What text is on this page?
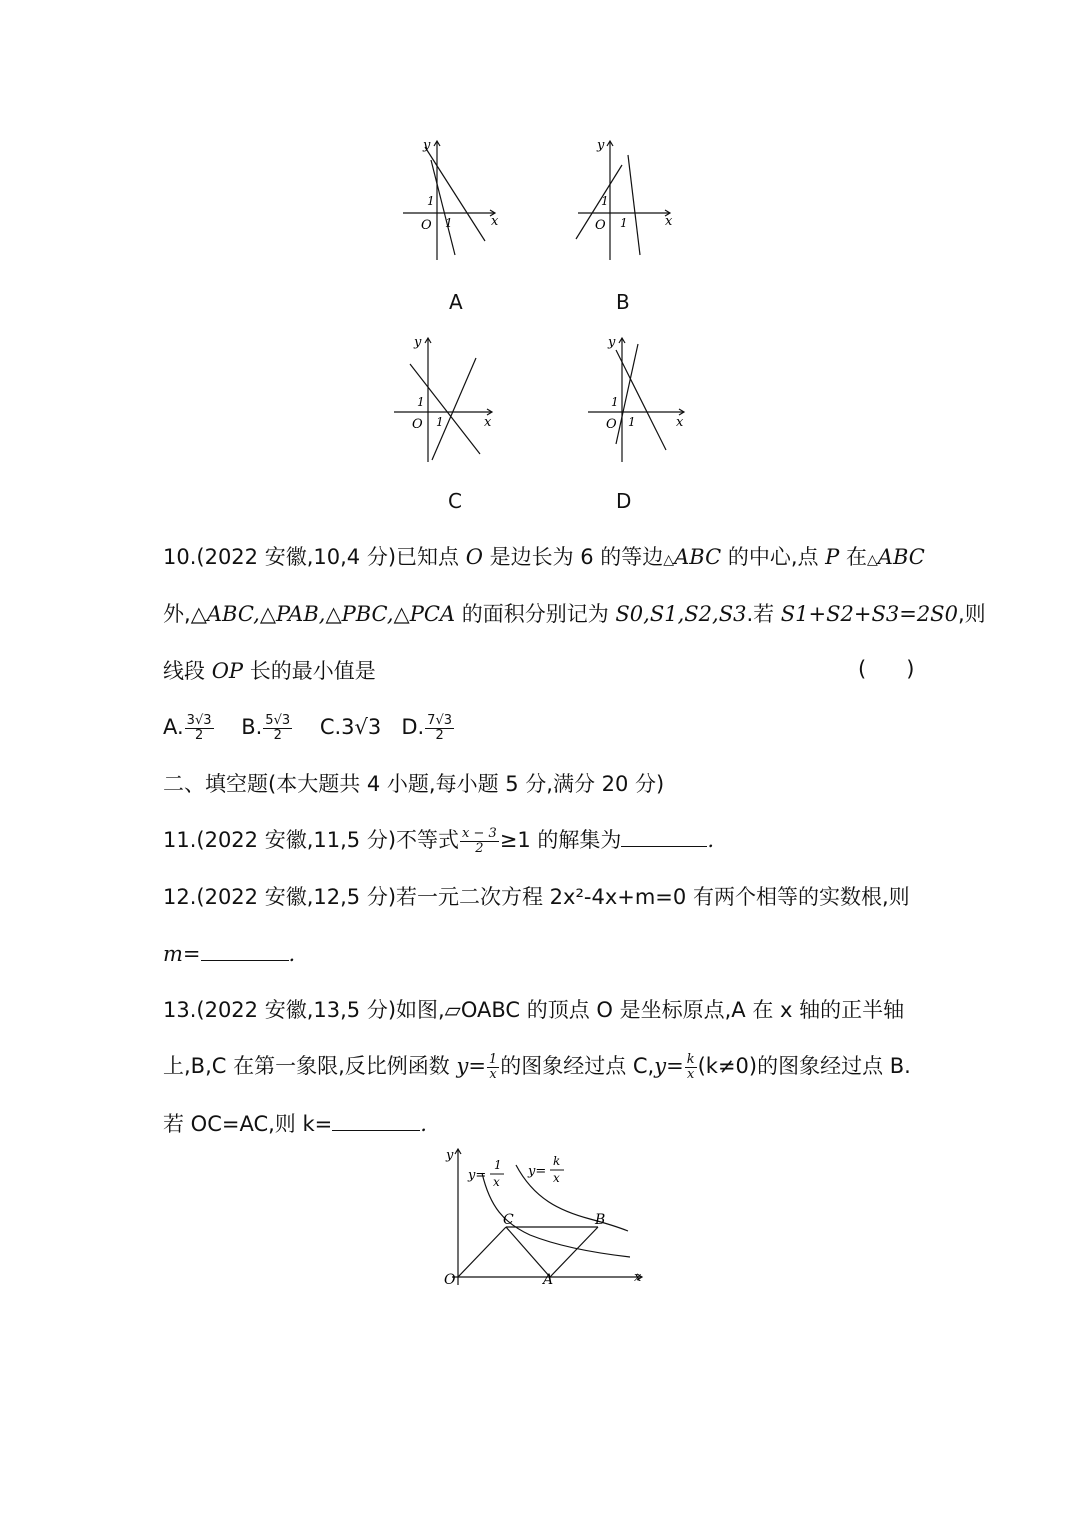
y
x
O
1
1
A
y
x
O
1
1
B
y
x
O
1
1
C
y
x
O
1
1
D
10.(2022 安徽,10,4 分)已知点 O 是边长为 6 的等边△ABC 的中心,点 P 在△ABC
外,△ABC,△PAB,△PBC,△PCA 的面积分别记为 S0,S1,S2,S3.若 S1+S2+S3=2S0,则
线段 OP 长的最小值是	(      )
A. $\frac{3√3}{2} B$. $\frac{5√3}{2} C.3√3$ D. $\frac{7√3}{2}$
二、填空题(本大题共 4 小题,每小题 5 分,满分 20 分)
11.(2022 安徽,11,5 分)不等式 $\frac{x - 3}{2} \ge 1$ 的解集为	.
12.(2022 安徽,12,5 分)若一元二次方程 2x²-4x+m=0 有两个相等的实数根,则
m=	.
13.(2022 安徽,13,5 分)如图,▱OABC 的顶点 O 是坐标原点,A 在 x 轴的正半轴
上,B,C 在第一象限,反比例函数 $y= \frac{1}{x}$ 的图象经过点 $C,y= \frac{k}{x} (k\ne 0)$的图象经过点 B.
若 OC=AC,则 k=	.
y
x
O	A
C	B
y=
1
x
y=
k
x
